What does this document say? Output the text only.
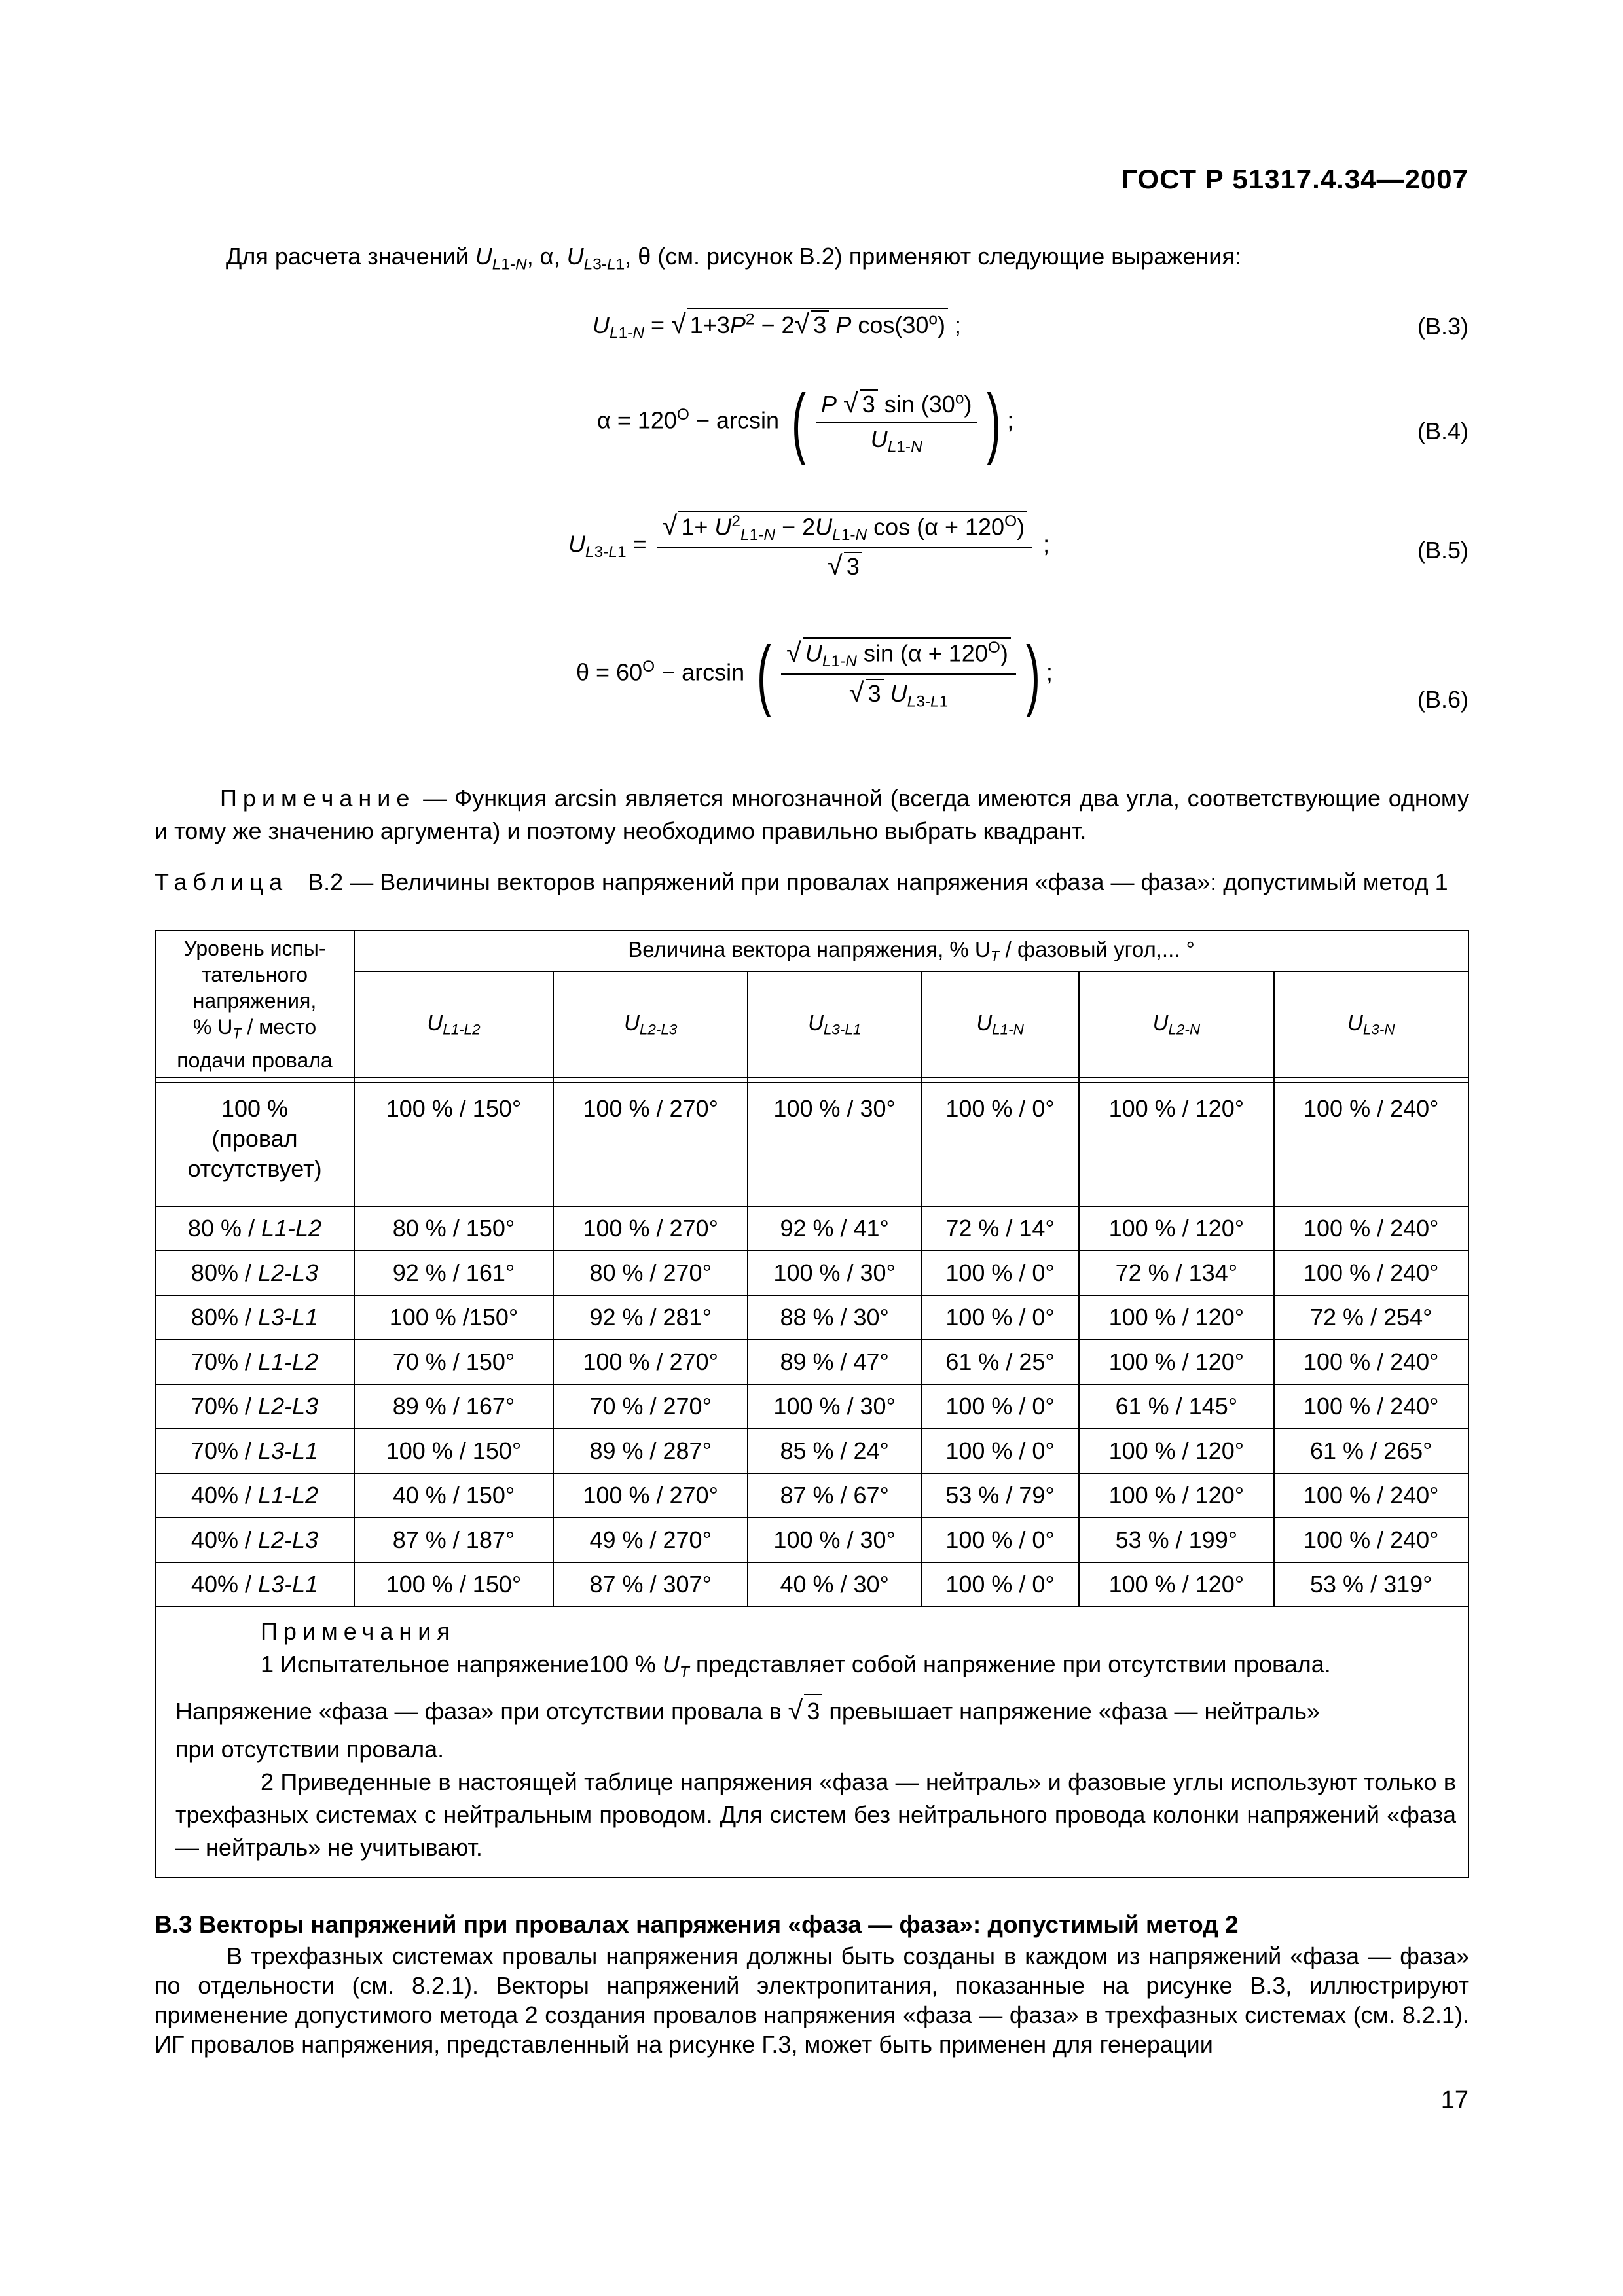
ГОСТ Р 51317.4.34—2007
Для расчета значений $U_{L1-N}$, α, $U_{L3-L1}$, θ (см. рисунок В.2) применяют следующие выражения:
$U_{L1-N}$ = √ $1+3P^2 - 2√$ 3 P cos(30$^o$) ;	(B.3)
$\alpha = 120^O - \arcsin$ ( $\frac{P √ 3 \sin (30^o)}{U_{L1-N}}$ ) ;	(B.4)
$U_{L3-L1} = \frac{√ 1+ U^2_{L1-N} - 2U_{L1-N} \cos (\alpha + 120^O)}{√ 3}$ ;	(B.5)
$\theta = 60^O - \arcsin$ ( $\frac{√ U_{L1-N} \sin (\alpha + 120^O)}{√ 3 U_{L3-L1}}$ ) ;
(B.6)
Примечание — Функция arcsin является многозначной (всегда имеются два угла, соответствующие одному и тому же значению аргумента) и поэтому необходимо правильно выбрать квадрант.
Таблица B.2 — Величины векторов напряжений при провалах напряжения «фаза — фаза»: допустимый метод 1
Уровень испы-
тательного
напряжения,
% $U_T$ / место
подачи провала	Величина вектора напряжения, % $U_T$ / фазовый угол,... °					
	$U_{L1-L2}$	$U_{L2-L3}$	$U_{L3-L1}$	$U_{L1-N}$	$U_{L2-N}$	$U_{L3-N}$

100 %
(провал
отсутствует)	100 % / 150°	100 % / 270°	100 % / 30°	100 % / 0°	100 % / 120°	100 % / 240°
80 % / L1-L2	80 % / 150°	100 % / 270°	92 % / 41°	72 % / 14°	100 % / 120°	100 % / 240°
80% / L2-L3	92 % / 161°	80 % / 270°	100 % / 30°	100 % / 0°	72 % / 134°	100 % / 240°
80% / L3-L1	100 % /150°	92 % / 281°	88 % / 30°	100 % / 0°	100 % / 120°	72 % / 254°
70% / L1-L2	70 % / 150°	100 % / 270°	89 % / 47°	61 % / 25°	100 % / 120°	100 % / 240°
70% / L2-L3	89 % / 167°	70 % / 270°	100 % / 30°	100 % / 0°	61 % / 145°	100 % / 240°
70% / L3-L1	100 % / 150°	89 % / 287°	85 % / 24°	100 % / 0°	100 % / 120°	61 % / 265°
40% / L1-L2	40 % / 150°	100 % / 270°	87 % / 67°	53 % / 79°	100 % / 120°	100 % / 240°
40% / L2-L3	87 % / 187°	49 % / 270°	100 % / 30°	100 % / 0°	53 % / 199°	100 % / 240°
40% / L3-L1	100 % / 150°	87 % / 307°	40 % / 30°	100 % / 0°	100 % / 120°	53 % / 319°

Примечания
1 Испытательное напряжение100 % $U_T$ представляет собой напряжение при отсутствии провала.
Напряжение «фаза — фаза» при отсутствии провала в √ 3 превышает напряжение «фаза — нейтраль»
при отсутствии провала.
2 Приведенные в настоящей таблице напряжения «фаза — нейтраль» и фазовые углы используют только в трехфазных системах с нейтральным проводом. Для систем без нейтрального провода колонки напряжений «фаза — нейтраль» не учитывают.						
B.3 Векторы напряжений при провалах напряжения «фаза — фаза»: допустимый метод 2
В трехфазных системах провалы напряжения должны быть созданы в каждом из напряжений «фаза — фаза» по отдельности (см. 8.2.1). Векторы напряжений электропитания, показанные на рисунке B.3, иллюстрируют применение допустимого метода 2 создания провалов напряжения «фаза — фаза» в трехфазных системах (см. 8.2.1). ИГ провалов напряжения, представленный на рисунке Г.3, может быть применен для генерации
17
